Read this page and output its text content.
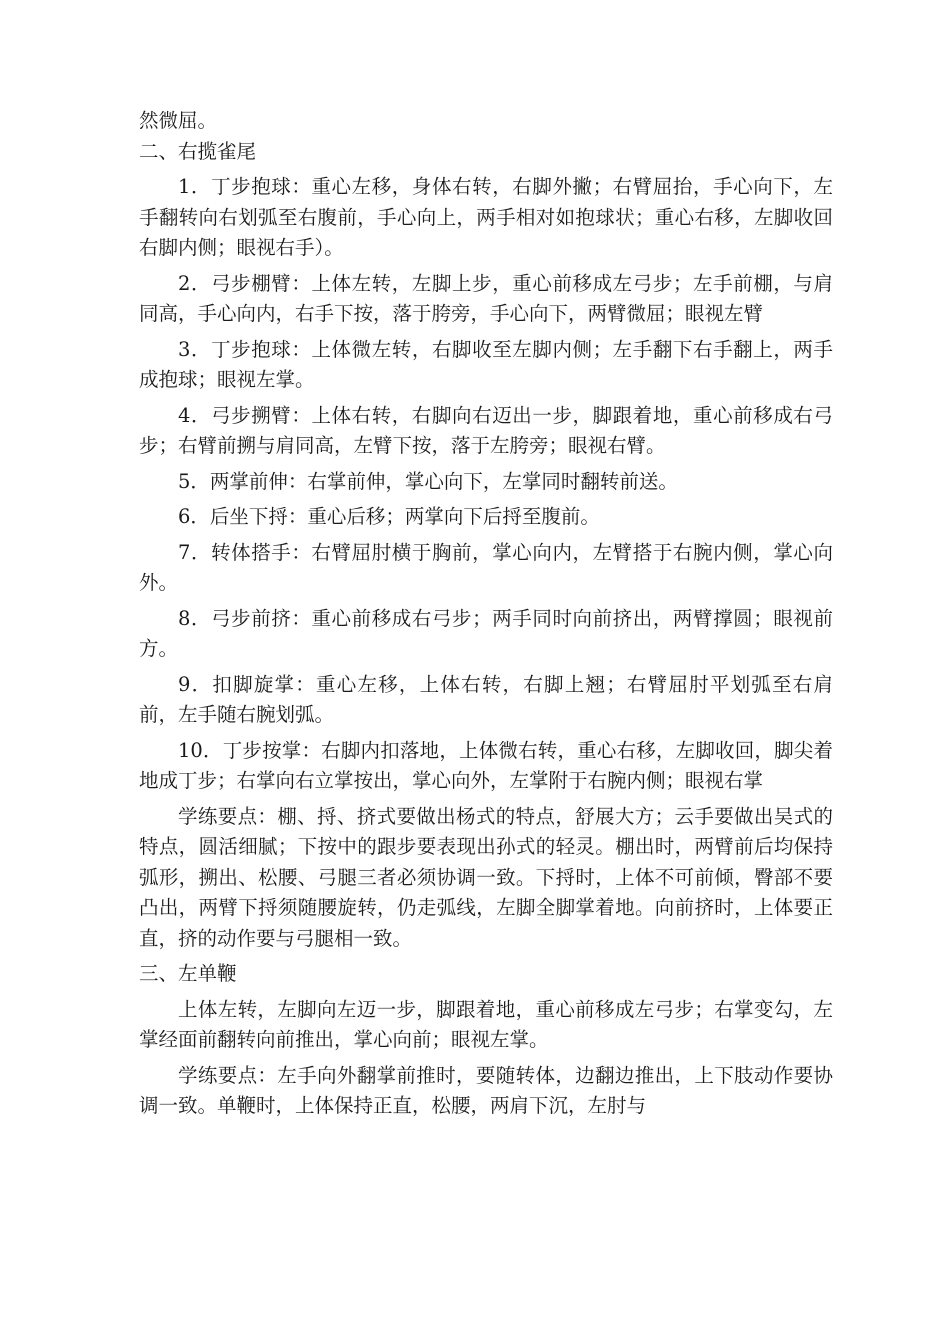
然微屈。

二、右揽雀尾

1．丁步抱球：重心左移，身体右转，右脚外撇；右臂屈抬，手心向下，左手翻转向右划弧至右腹前，手心向上，两手相对如抱球状；重心右移，左脚收回右脚内侧；眼视右手）。

2．弓步棚臂：上体左转，左脚上步，重心前移成左弓步；左手前棚，与肩同高，手心向内，右手下按，落于胯旁，手心向下，两臂微屈；眼视左臂

3．丁步抱球：上体微左转，右脚收至左脚内侧；左手翻下右手翻上，两手成抱球；眼视左掌。

4．弓步搠臂：上体右转，右脚向右迈出一步，脚跟着地，重心前移成右弓步；右臂前搠与肩同高，左臂下按，落于左胯旁；眼视右臂。

5．两掌前伸：右掌前伸，掌心向下，左掌同时翻转前送。

6．后坐下捋：重心后移；两掌向下后捋至腹前。

7．转体搭手：右臂屈肘横于胸前，掌心向内，左臂搭于右腕内侧，掌心向外。

8．弓步前挤：重心前移成右弓步；两手同时向前挤出，两臂撑圆；眼视前方。

9．扣脚旋掌：重心左移，上体右转，右脚上翘；右臂屈肘平划弧至右肩前，左手随右腕划弧。

10．丁步按掌：右脚内扣落地，上体微右转，重心右移，左脚收回，脚尖着地成丁步；右掌向右立掌按出，掌心向外，左掌附于右腕内侧；眼视右掌

学练要点：棚、捋、挤式要做出杨式的特点，舒展大方；云手要做出吴式的特点，圆活细腻；下按中的跟步要表现出孙式的轻灵。棚出时，两臂前后均保持弧形，搠出、松腰、弓腿三者必须协调一致。下捋时，上体不可前倾，臀部不要凸出，两臂下捋须随腰旋转，仍走弧线，左脚全脚掌着地。向前挤时，上体要正直，挤的动作要与弓腿相一致。

三、左单鞭

上体左转，左脚向左迈一步，脚跟着地，重心前移成左弓步；右掌变勾，左掌经面前翻转向前推出，掌心向前；眼视左掌。

学练要点：左手向外翻掌前推时，要随转体，边翻边推出，上下肢动作要协调一致。单鞭时，上体保持正直，松腰，两肩下沉，左肘与
